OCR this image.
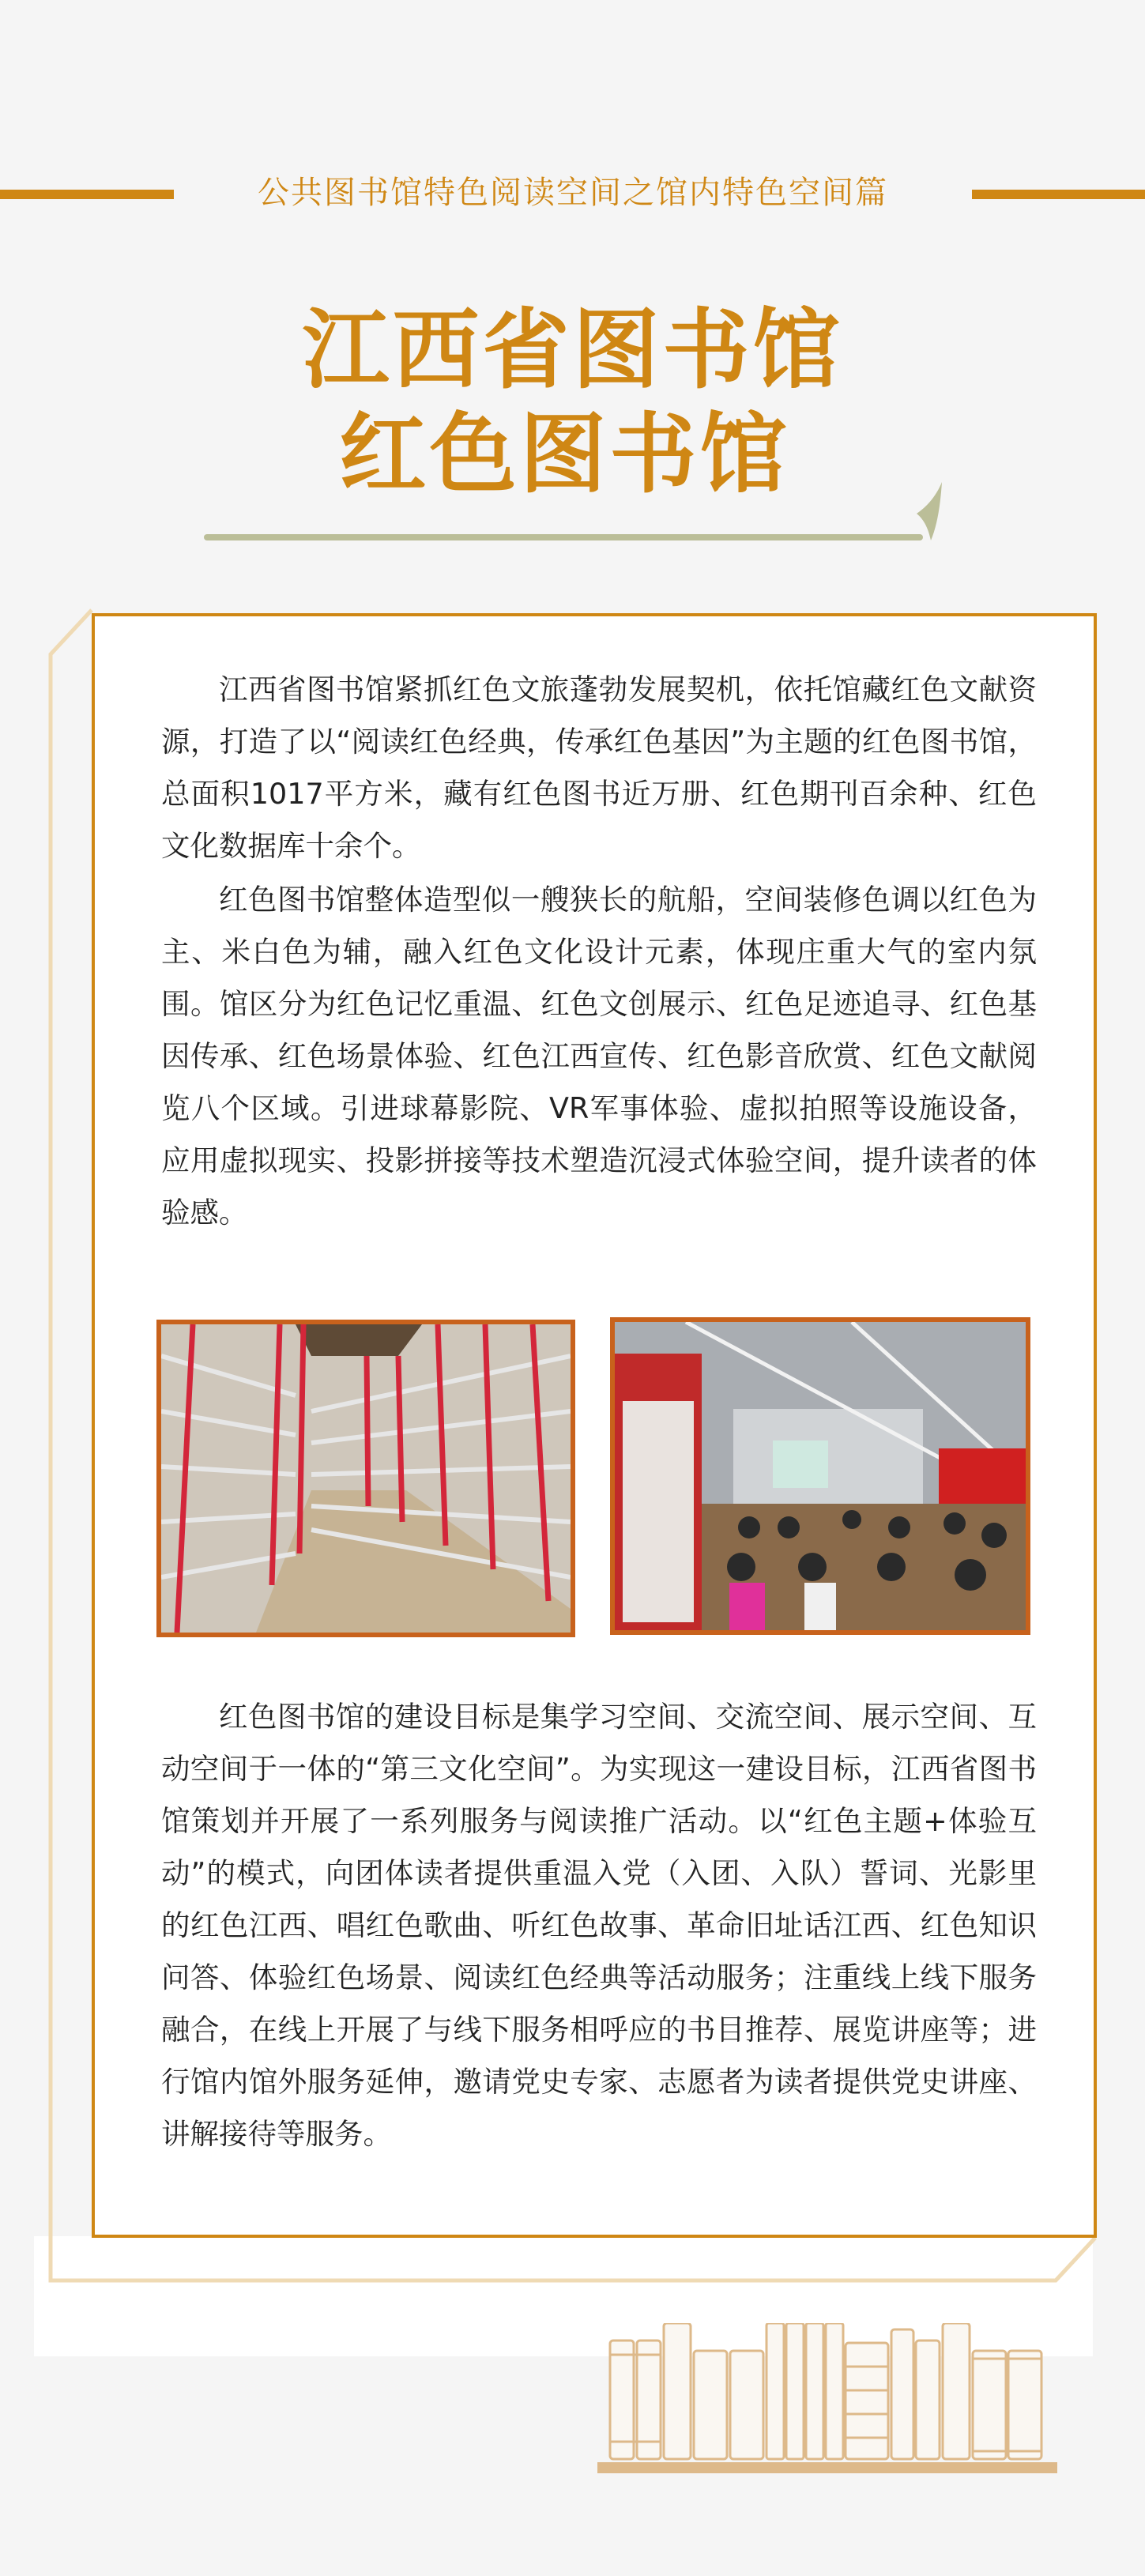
公共图书馆特色阅读空间之馆内特色空间篇
江西省图书馆
红色图书馆

江西省图书馆紧抓红色文旅蓬勃发展契机，依托馆藏红色文献资源，打造了以“阅读红色经典，传承红色基因”为主题的红色图书馆，总面积1017平方米，藏有红色图书近万册、红色期刊百余种、红色文化数据库十余个。

红色图书馆整体造型似一艘狭长的航船，空间装修色调以红色为主、米白色为辅，融入红色文化设计元素，体现庄重大气的室内氛围。馆区分为红色记忆重温、红色文创展示、红色足迹追寻、红色基因传承、红色场景体验、红色江西宣传、红色影音欣赏、红色文献阅览八个区域。引进球幕影院、VR军事体验、虚拟拍照等设施设备，应用虚拟现实、投影拼接等技术塑造沉浸式体验空间，提升读者的体验感。

红色图书馆的建设目标是集学习空间、交流空间、展示空间、互动空间于一体的“第三文化空间”。为实现这一建设目标，江西省图书馆策划并开展了一系列服务与阅读推广活动。以“红色主题+体验互动”的模式，向团体读者提供重温入党（入团、入队）誓词、光影里的红色江西、唱红色歌曲、听红色故事、革命旧址话江西、红色知识问答、体验红色场景、阅读红色经典等活动服务；注重线上线下服务融合，在线上开展了与线下服务相呼应的书目推荐、展览讲座等；进行馆内馆外服务延伸，邀请党史专家、志愿者为读者提供党史讲座、讲解接待等服务。
